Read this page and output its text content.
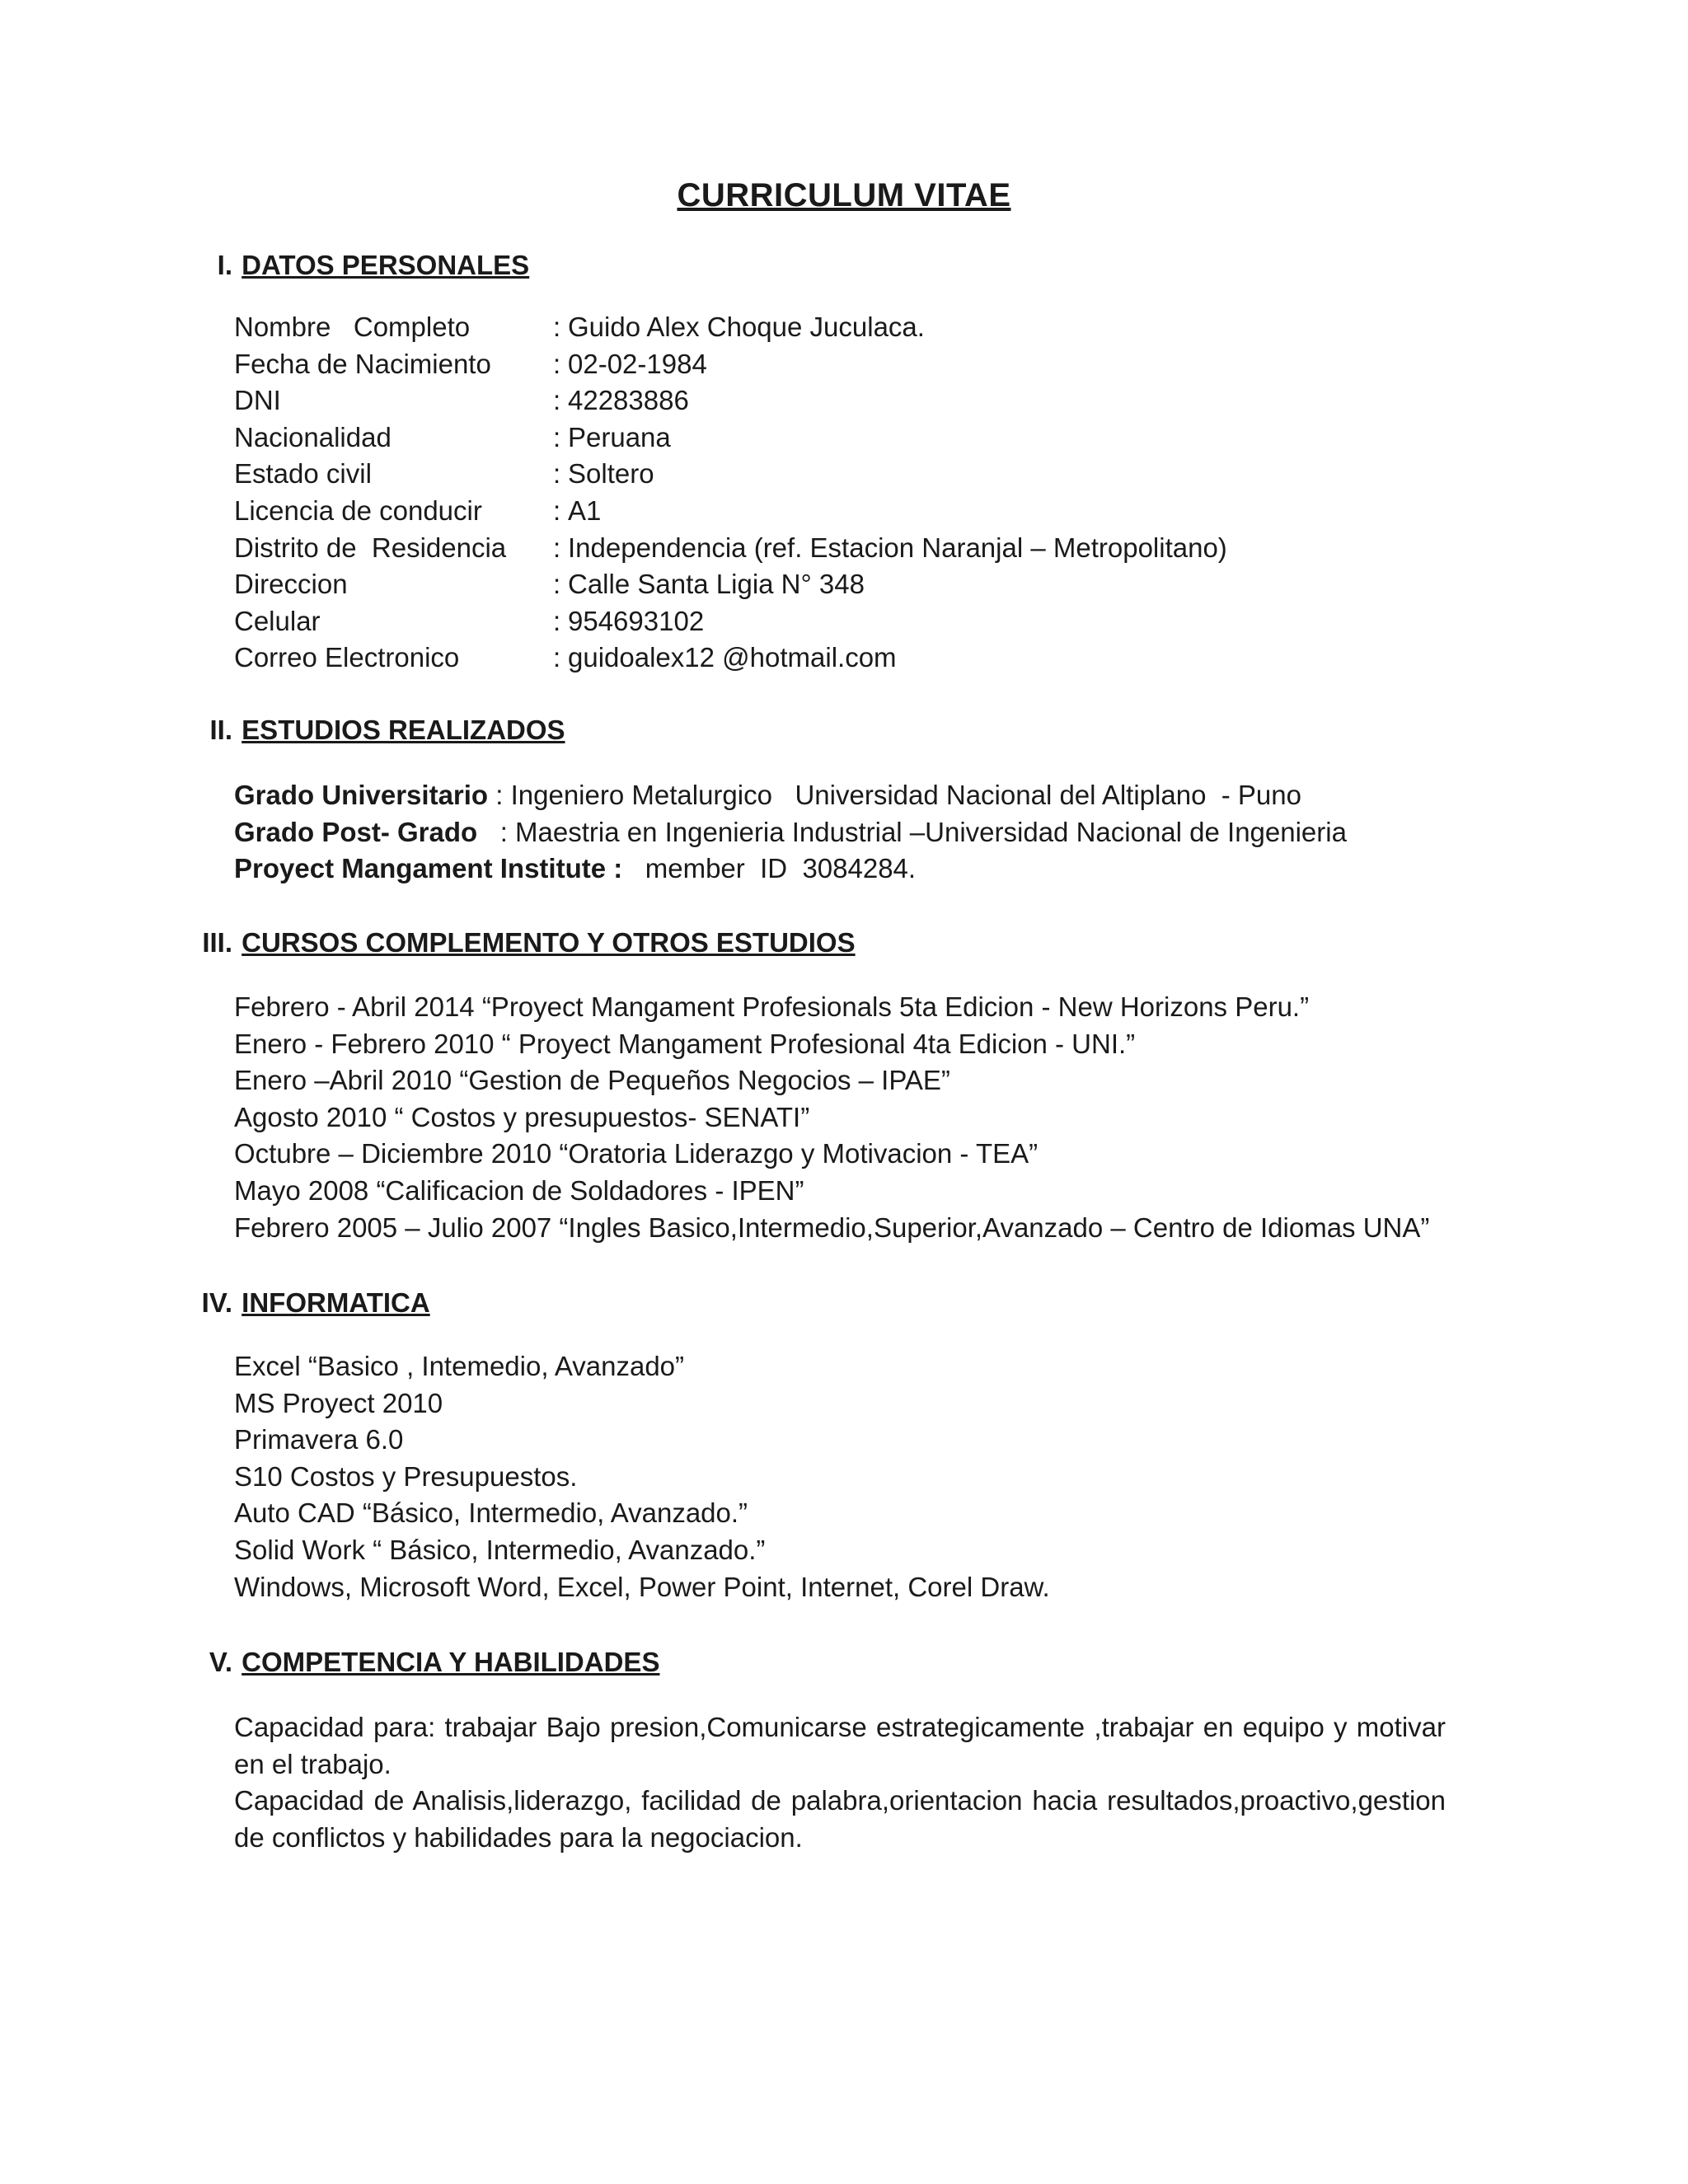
CURRICULUM VITAE
I. DATOS PERSONALES
Nombre   Completo	: Guido Alex Choque Juculaca.
Fecha de Nacimiento : 02-02-1984
DNI	: 42283886
Nacionalidad	: Peruana
Estado civil	: Soltero
Licencia de conducir	: A1
Distrito de  Residencia : Independencia (ref. Estacion Naranjal – Metropolitano)
Direccion	: Calle Santa Ligia N° 348
Celular	: 954693102
Correo Electronico	: guidoalex12 @hotmail.com
II. ESTUDIOS REALIZADOS
Grado Universitario : Ingeniero Metalurgico   Universidad Nacional del Altiplano  - Puno
Grado Post- Grado   : Maestria en Ingenieria Industrial –Universidad Nacional de Ingenieria
Proyect Mangament Institute :   member  ID  3084284.
III. CURSOS COMPLEMENTO Y OTROS ESTUDIOS
Febrero - Abril 2014 “Proyect Mangament Profesionals 5ta Edicion - New Horizons Peru.”
Enero - Febrero 2010 “ Proyect Mangament Profesional 4ta Edicion - UNI.”
Enero –Abril 2010 “Gestion de Pequeños Negocios – IPAE”
Agosto 2010 “ Costos y presupuestos- SENATI”
Octubre – Diciembre 2010 “Oratoria Liderazgo y Motivacion - TEA”
Mayo 2008 “Calificacion de Soldadores - IPEN”
Febrero 2005 – Julio 2007 “Ingles Basico,Intermedio,Superior,Avanzado – Centro de Idiomas UNA”
IV. INFORMATICA
Excel “Basico , Intemedio, Avanzado”
MS Proyect 2010
Primavera 6.0
S10 Costos y Presupuestos.
Auto CAD “Básico, Intermedio, Avanzado.”
Solid Work “ Básico, Intermedio, Avanzado.”
Windows, Microsoft Word, Excel, Power Point, Internet, Corel Draw.
V. COMPETENCIA Y HABILIDADES

Capacidad para: trabajar Bajo presion,Comunicarse estrategicamente ,trabajar en equipo y motivar en el trabajo.

Capacidad de Analisis,liderazgo, facilidad de palabra,orientacion hacia resultados,proactivo,gestion de conflictos y habilidades para la negociacion.
